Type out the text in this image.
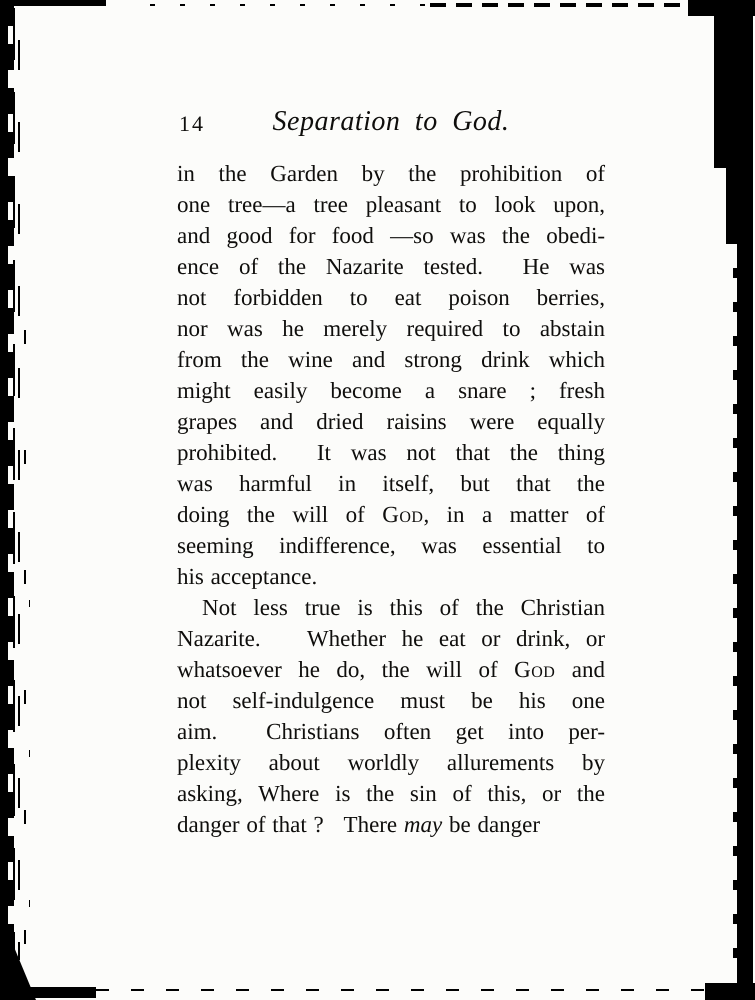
14	Separation to God.
in the Garden by the prohibition of
one tree—a tree pleasant to look upon,
and good for food —so was the obedi-
ence of the Nazarite tested.  He was
not forbidden to eat poison berries,
nor was he merely required to abstain
from the wine and strong drink which
might easily become a snare ; fresh
grapes and dried raisins were equally
prohibited.  It was not that the thing
was harmful in itself, but that the
doing the will of God, in a matter of
seeming indifference, was essential to
his acceptance.
Not less true is this of the Christian
Nazarite.   Whether he eat or drink, or
whatsoever he do, the will of God and
not self-indulgence must be his one
aim.  Christians often get into per-
plexity about worldly allurements by
asking, Where is the sin of this, or the
danger of that ?   There may be danger
